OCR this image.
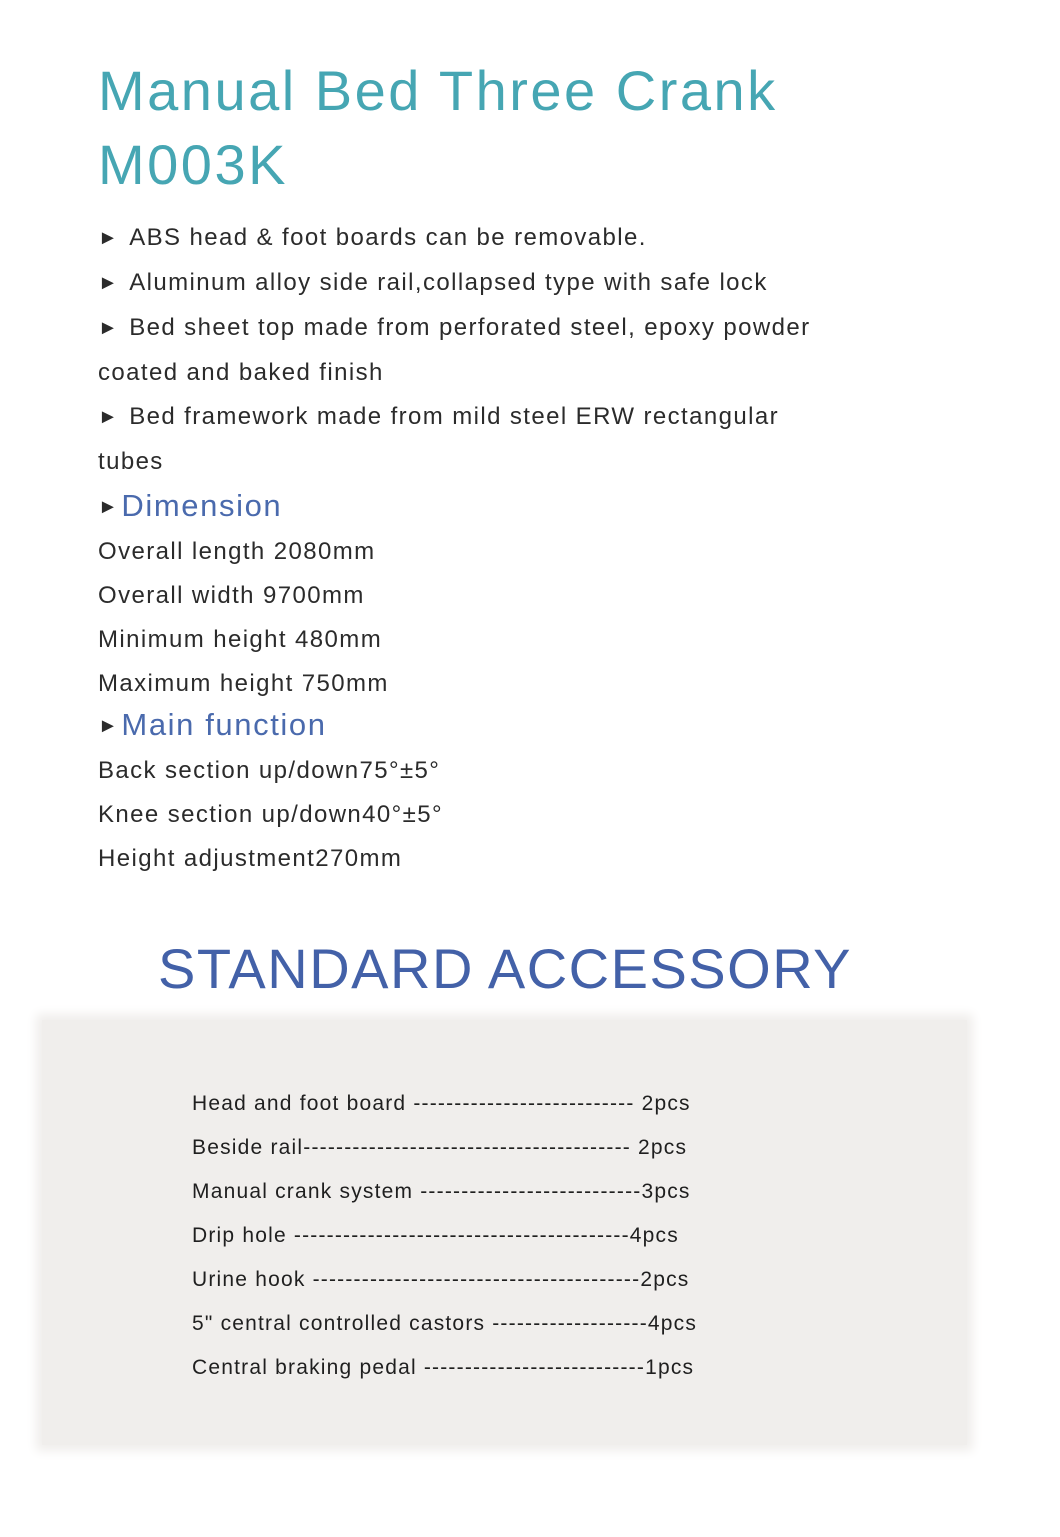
Manual Bed Three Crank
M003K
► ABS head & foot boards can be removable.
► Aluminum alloy side rail,collapsed type with safe lock
► Bed sheet top made from perforated steel, epoxy powder
coated and baked finish
► Bed framework made from mild steel ERW rectangular
tubes
►Dimension
Overall length 2080mm
Overall width 9700mm
Minimum height 480mm
Maximum height 750mm
►Main function
Back section up/down75°±5°
Knee section up/down40°±5°
Height adjustment270mm
STANDARD ACCESSORY
Head and foot board --------------------------- 2pcs
Beside rail---------------------------------------- 2pcs
Manual crank system ---------------------------3pcs
Drip hole -----------------------------------------4pcs
Urine hook ----------------------------------------2pcs
5" central controlled castors -------------------4pcs
Central braking pedal ---------------------------1pcs
